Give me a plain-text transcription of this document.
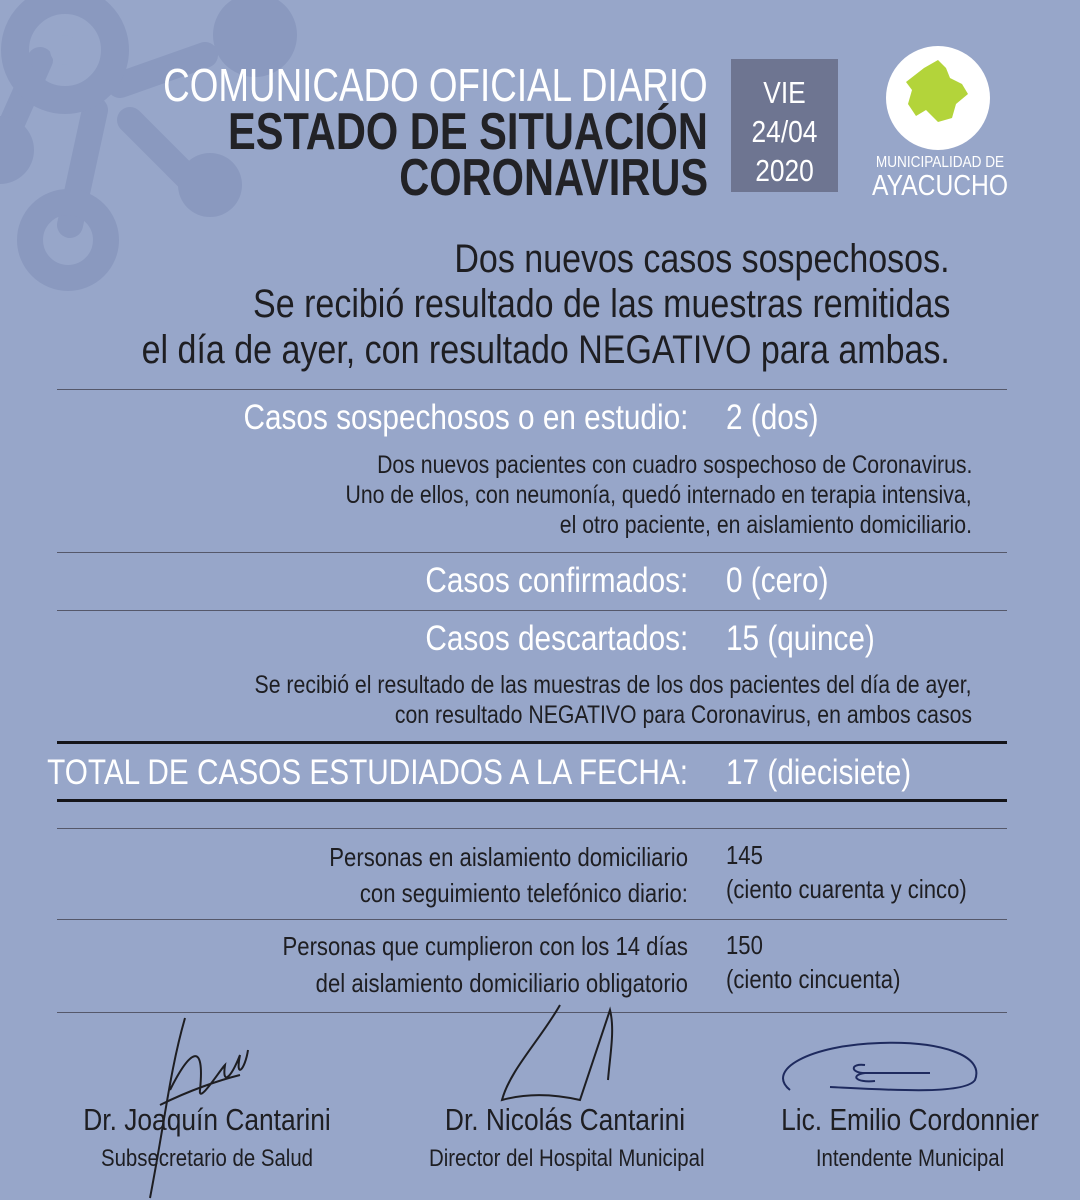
COMUNICADO OFICIAL DIARIO
ESTADO DE SITUACIÓN
CORONAVIRUS
VIE
24/04
2020	MUNICIPALIDAD DE
AYACUCHO
Dos nuevos casos sospechosos.
Se recibió resultado de las muestras remitidas
el día de ayer, con resultado NEGATIVO para ambas.
Casos sospechosos o en estudio: 2 (dos)
Dos nuevos pacientes con cuadro sospechoso de Coronavirus.
Uno de ellos, con neumonía, quedó internado en terapia intensiva,
el otro paciente, en aislamiento domiciliario.
Casos confirmados: 0 (cero)
Casos descartados: 15 (quince)
Se recibió el resultado de las muestras de los dos pacientes del día de ayer,
con resultado NEGATIVO para Coronavirus, en ambos casos
TOTAL DE CASOS ESTUDIADOS A LA FECHA: 17 (diecisiete)
Personas en aislamiento domiciliario
con seguimiento telefónico diario:
145
(ciento cuarenta y cinco)
Personas que cumplieron con los 14 días
del aislamiento domiciliario obligatorio
150
(ciento cincuenta)
Dr. Joaquín Cantarini
Subsecretario de Salud
Dr. Nicolás Cantarini
Director del Hospital Municipal
Lic. Emilio Cordonnier
Intendente Municipal
